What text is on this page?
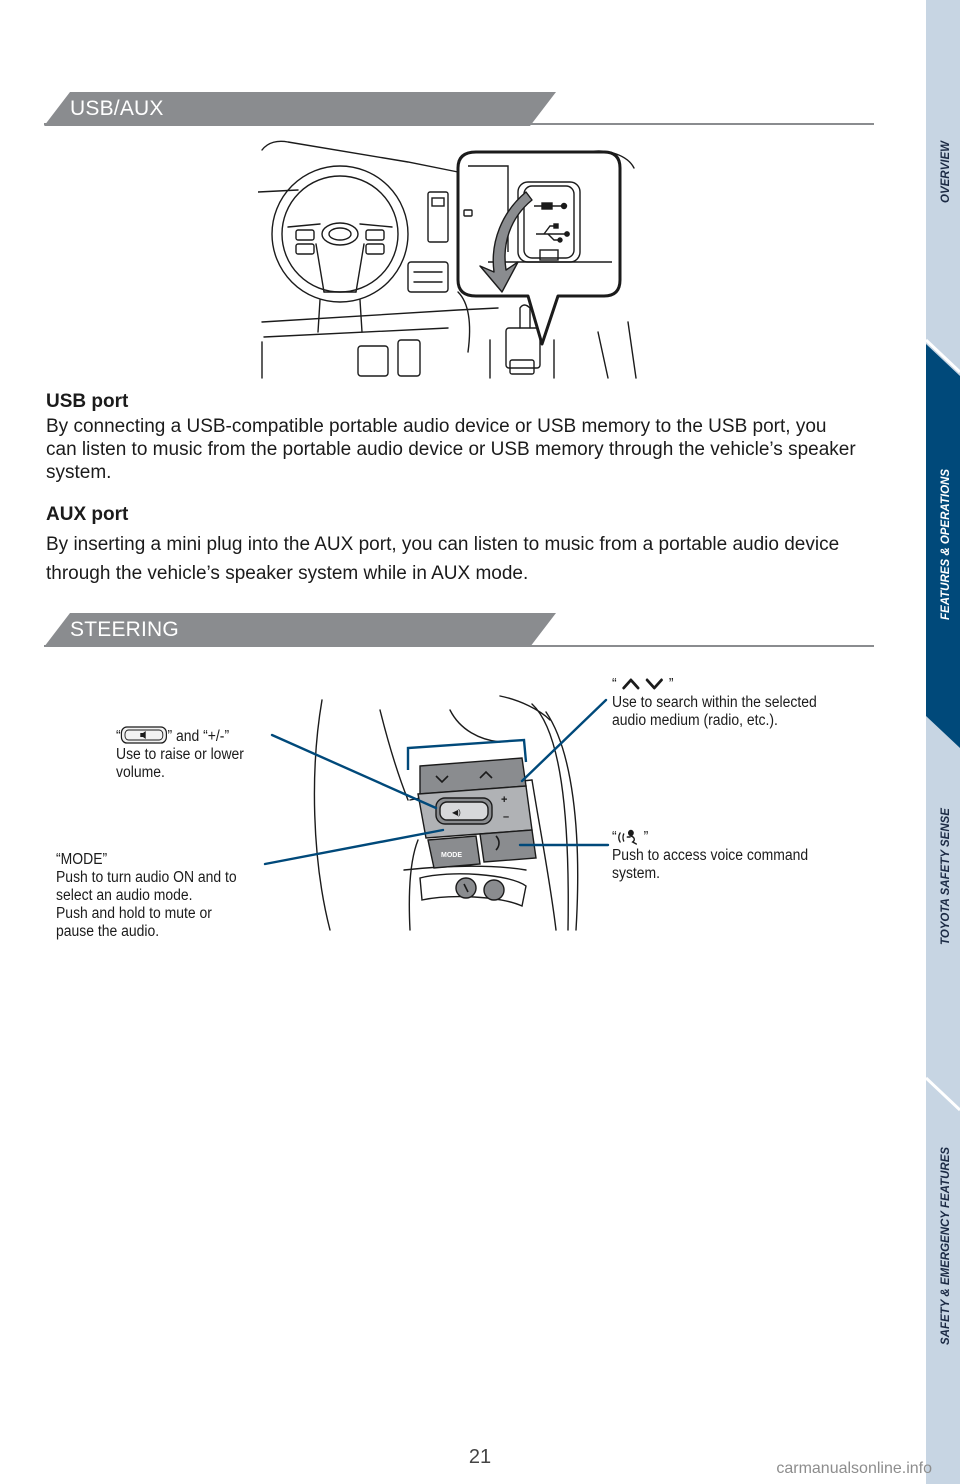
USB/AUX PORT
USB port
By connecting a USB-compatible portable audio device or USB memory to the USB port, you can listen to music from the portable audio device or USB memory through the vehicle’s speaker system.
AUX port
By inserting a mini plug into the AUX port, you can listen to music from a portable audio device through the vehicle’s speaker system while in AUX mode.
STEERING WHEEL SWITCHES
◀)
+
–
MODE
“	” and “+/-”
Use to raise or lower
volume.
“MODE”
Push to turn audio ON and to
select an audio mode.
Push and hold to mute or
pause the audio.
“	”
Use to search within the selected
audio medium (radio, etc.).
“ ”
Push to access voice command
system.
OVERVIEW
FEATURES & OPERATIONS
TOYOTA SAFETY SENSE
SAFETY & EMERGENCY FEATURES
21
carmanualsonline.info
